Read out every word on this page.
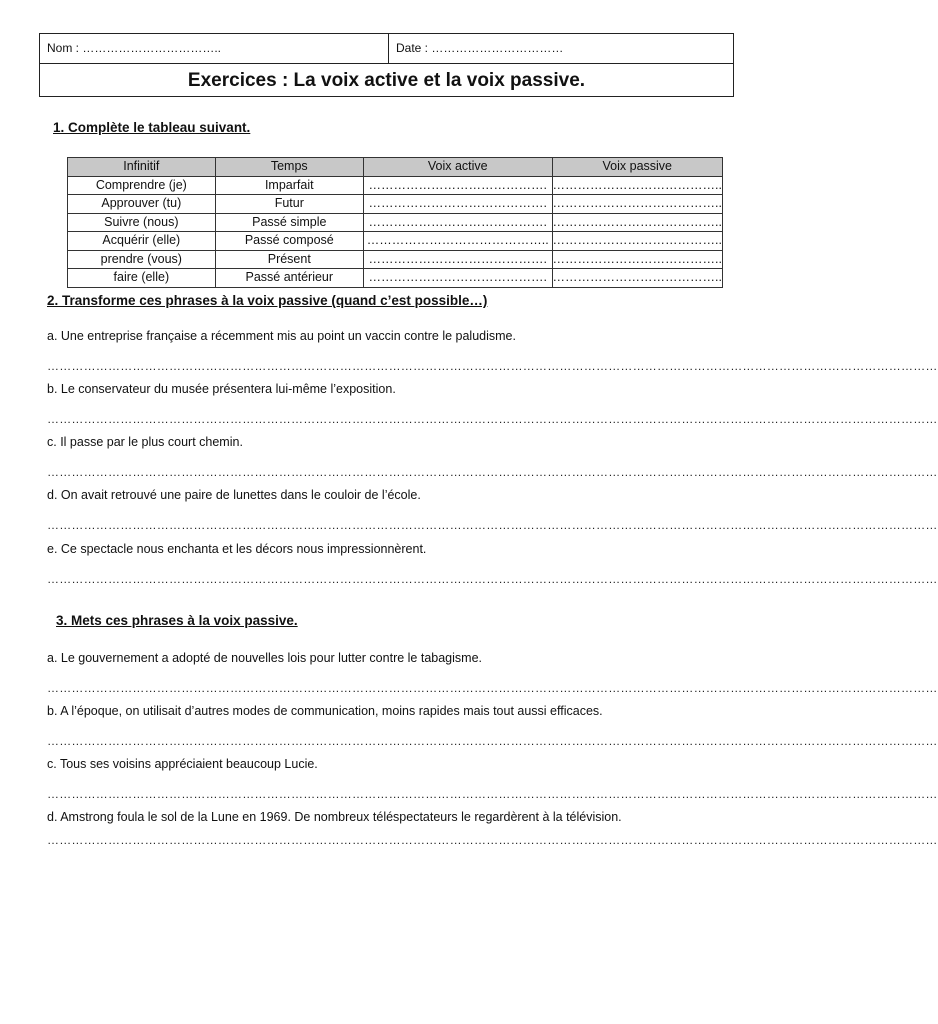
Nom : ……………………………..	Date : ……………………………
Exercices : La voix active et la voix passive.
1. Complète le tableau suivant.
Infinitif	Temps	Voix active	Voix passive
Comprendre (je)	Imparfait	…………………………………….	…………………………………..
Approuver (tu)	Futur	…………………………………….	…………………………………..
Suivre (nous)	Passé simple	…………………………………….	…………………………………..
Acquérir (elle)	Passé composé	……………………………………..	…………………………………..
prendre (vous)	Présent	…………………………………….	…………………………………..
faire (elle)	Passé antérieur	…………………………………….	…………………………………..
2. Transforme ces phrases à la voix passive (quand c’est possible…)
a. Une entreprise française a récemment mis au point un vaccin contre le paludisme.
…………………………………………………………………………………………………………………………………………………………………………………………………
b. Le conservateur du musée présentera lui-même l’exposition.
…………………………………………………………………………………………………………………………………………………………………………………………………
c. Il passe par le plus court chemin.
…………………………………………………………………………………………………………………………………………………………………………………………………
d. On avait retrouvé une paire de lunettes dans le couloir de l’école.
…………………………………………………………………………………………………………………………………………………………………………………………………
e. Ce spectacle nous enchanta et les décors nous impressionnèrent.
…………………………………………………………………………………………………………………………………………………………………………………………………
3. Mets ces phrases à la voix passive.
a. Le gouvernement a adopté de nouvelles lois pour lutter contre le tabagisme.
…………………………………………………………………………………………………………………………………………………………………………………………………
b. A l’époque, on utilisait d’autres modes de communication, moins rapides mais tout aussi efficaces.
…………………………………………………………………………………………………………………………………………………………………………………………………
c. Tous ses voisins appréciaient beaucoup Lucie.
…………………………………………………………………………………………………………………………………………………………………………………………………
d. Amstrong foula le sol de la Lune en 1969. De nombreux téléspectateurs le regardèrent à la télévision.
…………………………………………………………………………………………………………………………………………………………………………………………………
